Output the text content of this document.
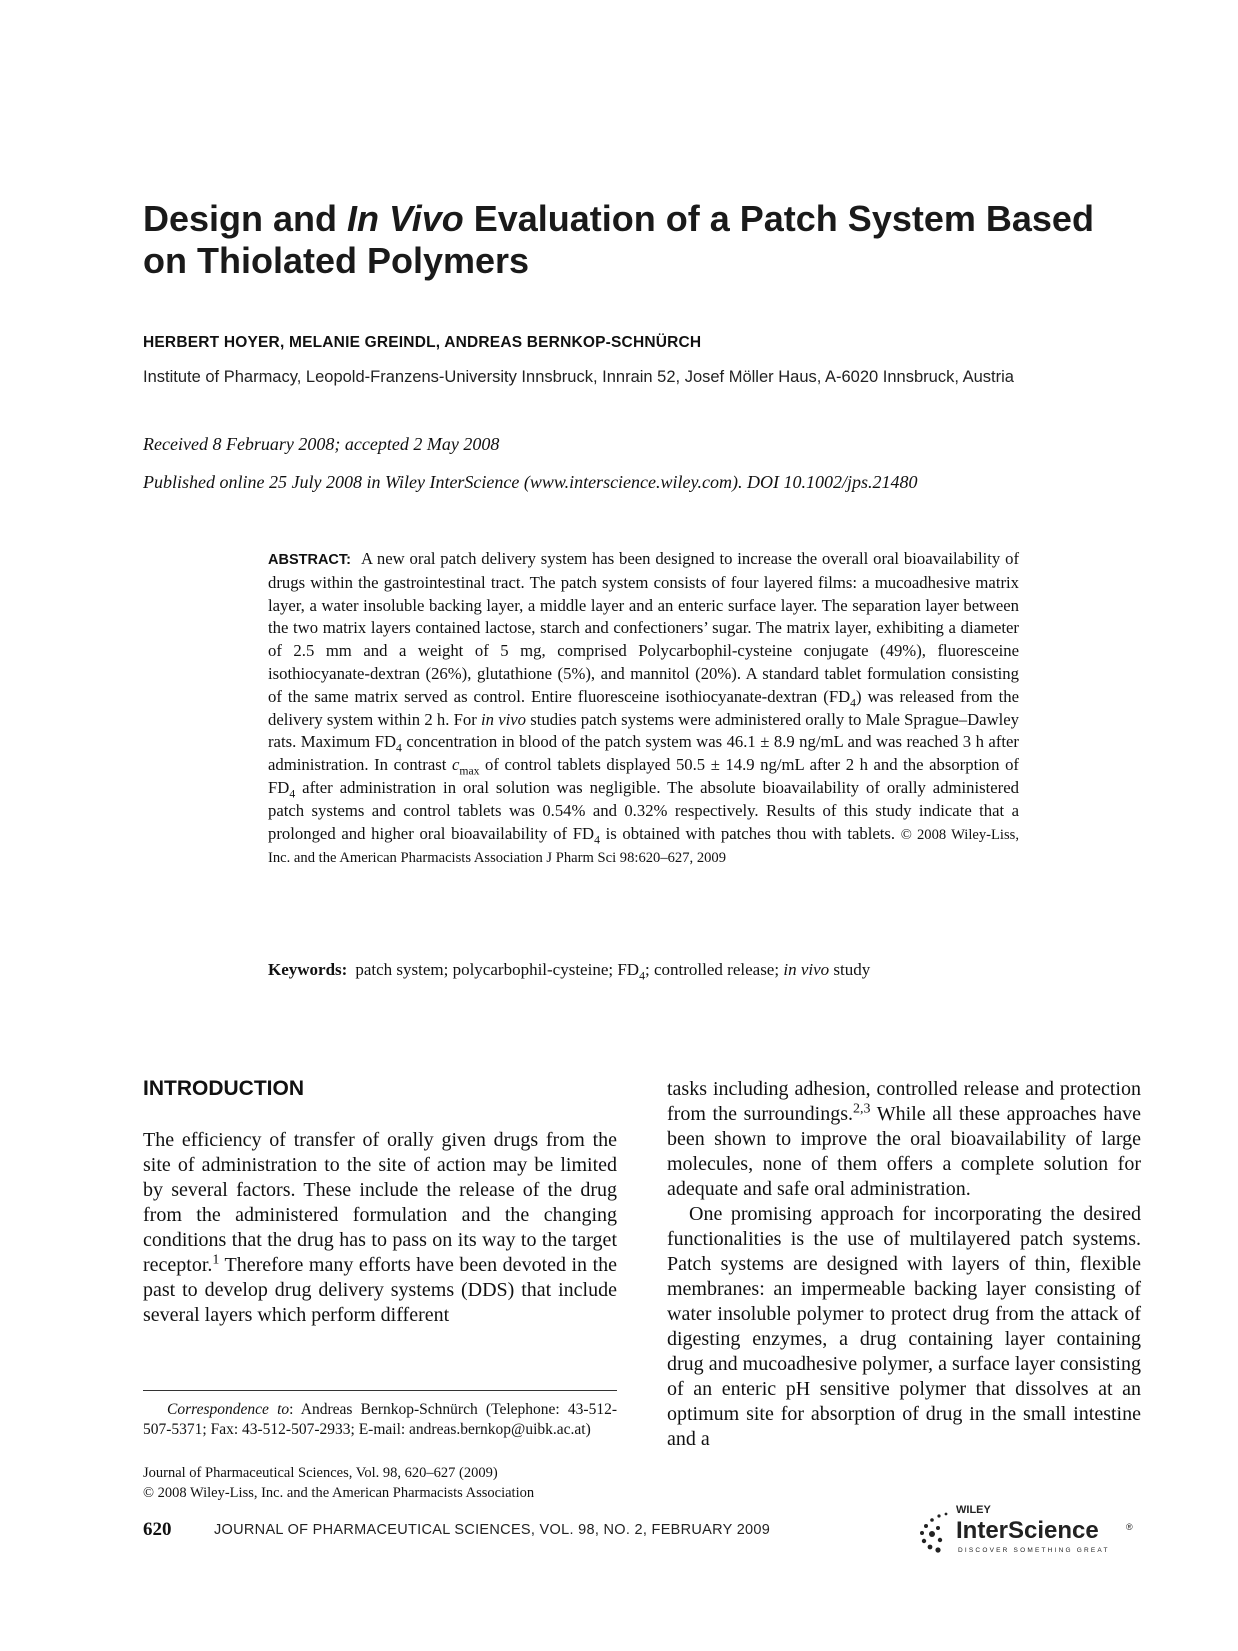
Design and In Vivo Evaluation of a Patch System Based on Thiolated Polymers
HERBERT HOYER, MELANIE GREINDL, ANDREAS BERNKOP-SCHNÜRCH
Institute of Pharmacy, Leopold-Franzens-University Innsbruck, Innrain 52, Josef Möller Haus, A-6020 Innsbruck, Austria
Received 8 February 2008; accepted 2 May 2008
Published online 25 July 2008 in Wiley InterScience (www.interscience.wiley.com). DOI 10.1002/jps.21480

ABSTRACT: A new oral patch delivery system has been designed to increase the overall oral bioavailability of drugs within the gastrointestinal tract. The patch system consists of four layered films: a mucoadhesive matrix layer, a water insoluble backing layer, a middle layer and an enteric surface layer. The separation layer between the two matrix layers contained lactose, starch and confectioners’ sugar. The matrix layer, exhibiting a diameter of 2.5 mm and a weight of 5 mg, comprised Polycarbophil-cysteine conjugate (49%), fluoresceine isothiocyanate-dextran (26%), glutathione (5%), and mannitol (20%). A standard tablet formulation consisting of the same matrix served as control. Entire fluoresceine isothiocyanate-dextran $(FD_4)$ was released from the delivery system within 2 h. For in vivo studies patch systems were administered orally to Male Sprague–Dawley rats. Maximum $FD_4$ concentration in blood of the patch system was 46.1 ± 8.9 ng/mL and was reached 3 h after administration. In contrast $c_{max}$ of control tablets displayed 50.5 ± 14.9 ng/mL after 2 h and the absorption of $FD_4$ after administration in oral solution was negligible. The absolute bioavailability of orally administered patch systems and control tablets was 0.54% and 0.32% respectively. Results of this study indicate that a prolonged and higher oral bioavailability of $FD_4$ is obtained with patches thou with tablets. © 2008 Wiley-Liss, Inc. and the American Pharmacists Association J Pharm Sci 98:620–627, 2009

Keywords: patch system; polycarbophil-cysteine; $FD_4$; controlled release; in vivo study

INTRODUCTION

The efficiency of transfer of orally given drugs from the site of administration to the site of action may be limited by several factors. These include the release of the drug from the administered formulation and the changing conditions that the drug has to pass on its way to the target receptor.$^1$ Therefore many efforts have been devoted in the past to develop drug delivery systems (DDS) that include several layers which perform different

tasks including adhesion, controlled release and protection from the surroundings.$^{2,3}$ While all these approaches have been shown to improve the oral bioavailability of large molecules, none of them offers a complete solution for adequate and safe oral administration.

One promising approach for incorporating the desired functionalities is the use of multilayered patch systems. Patch systems are designed with layers of thin, flexible membranes: an impermeable backing layer consisting of water insoluble polymer to protect drug from the attack of digesting enzymes, a drug containing layer containing drug and mucoadhesive polymer, a surface layer consisting of an enteric pH sensitive polymer that dissolves at an optimum site for absorption of drug in the small intestine and a

Correspondence to: Andreas Bernkop-Schnürch (Telephone: 43-512-507-5371; Fax: 43-512-507-2933; E-mail: andreas.bernkop@uibk.ac.at)

Journal of Pharmaceutical Sciences, Vol. 98, 620–627 (2009)
© 2008 Wiley-Liss, Inc. and the American Pharmacists Association
620	JOURNAL OF PHARMACEUTICAL SCIENCES, VOL. 98, NO. 2, FEBRUARY 2009
WILEY
InterScience	®
DISCOVER SOMETHING GREAT
